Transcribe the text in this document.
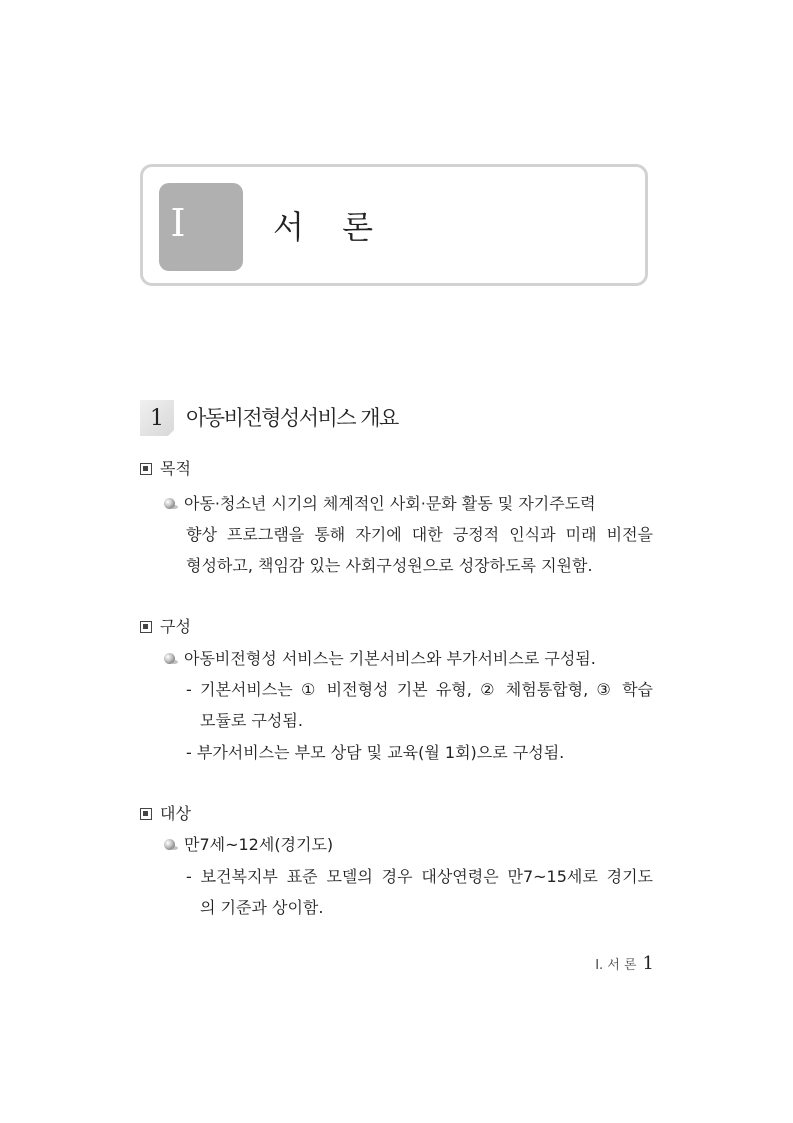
I	서 론
1	아동비전형성서비스 개요
목적
아동·청소년 시기의 체계적인 사회·문화 활동 및 자기주도력
향상 프로그램을 통해 자기에 대한 긍정적 인식과 미래 비전을
형성하고, 책임감 있는 사회구성원으로 성장하도록 지원함.
구성
아동비전형성 서비스는 기본서비스와 부가서비스로 구성됨.
- 기본서비스는 ① 비전형성 기본 유형, ② 체험통합형, ③ 학습
모듈로 구성됨.
- 부가서비스는 부모 상담 및 교육(월 1회)으로 구성됨.
대상
만7세~12세(경기도)
- 보건복지부 표준 모델의 경우 대상연령은 만7~15세로 경기도
의 기준과 상이함.
Ⅰ. 서 론 1
